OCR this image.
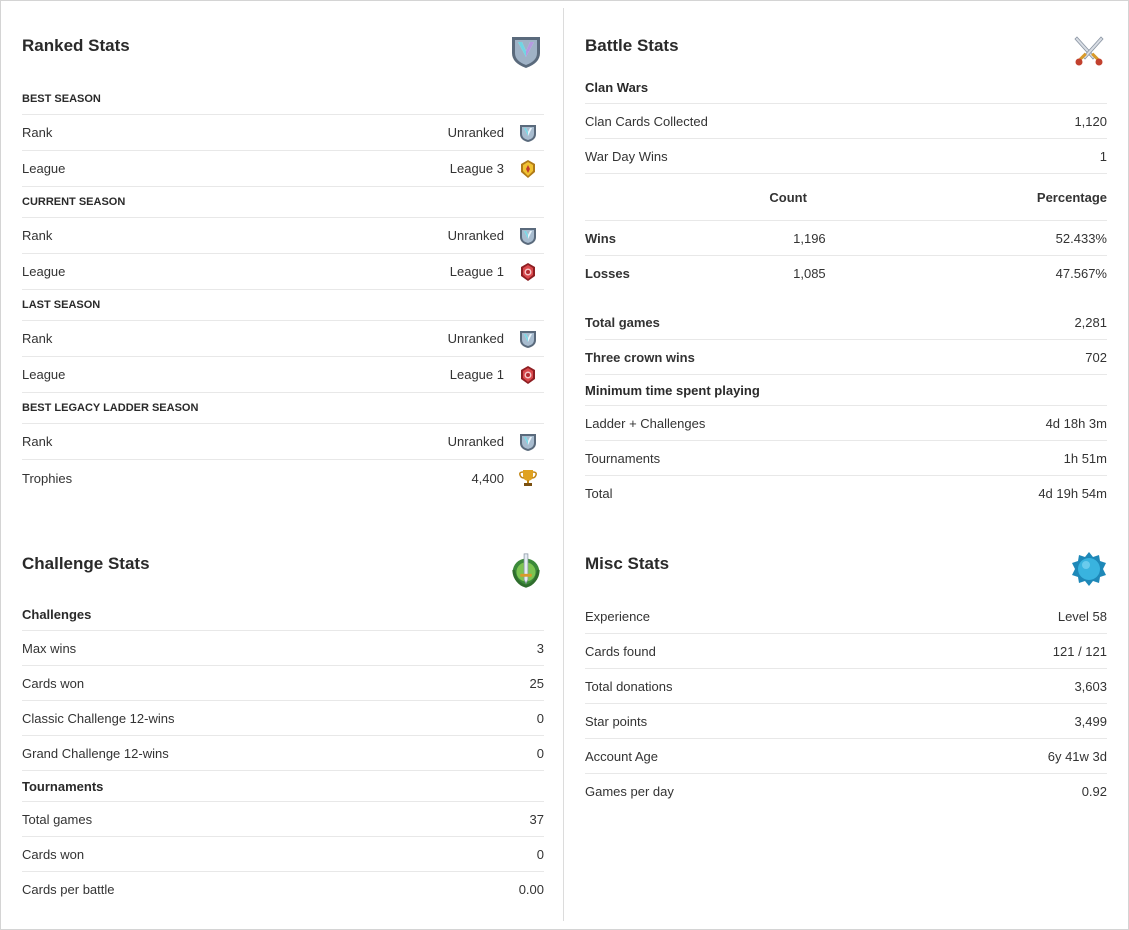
Ranked Stats
BEST SEASON
Rank	Unranked
League	League 3
CURRENT SEASON
Rank	Unranked
League	League 1
LAST SEASON
Rank	Unranked
League	League 1
BEST LEGACY LADDER SEASON
Rank	Unranked
Trophies	4,400
Battle Stats
Clan Wars
Clan Cards Collected	1,120
War Day Wins	1
Count	Percentage
Wins	1,196	52.433%
Losses	1,085	47.567%
Total games	2,281
Three crown wins	702
Minimum time spent playing
Ladder + Challenges	4d 18h 3m
Tournaments	1h 51m
Total	4d 19h 54m
Challenge Stats
Challenges
Max wins	3
Cards won	25
Classic Challenge 12-wins	0
Grand Challenge 12-wins	0
Tournaments
Total games	37
Cards won	0
Cards per battle	0.00
Misc Stats
Experience	Level 58
Cards found	121 / 121
Total donations	3,603
Star points	3,499
Account Age	6y 41w 3d
Games per day	0.92
